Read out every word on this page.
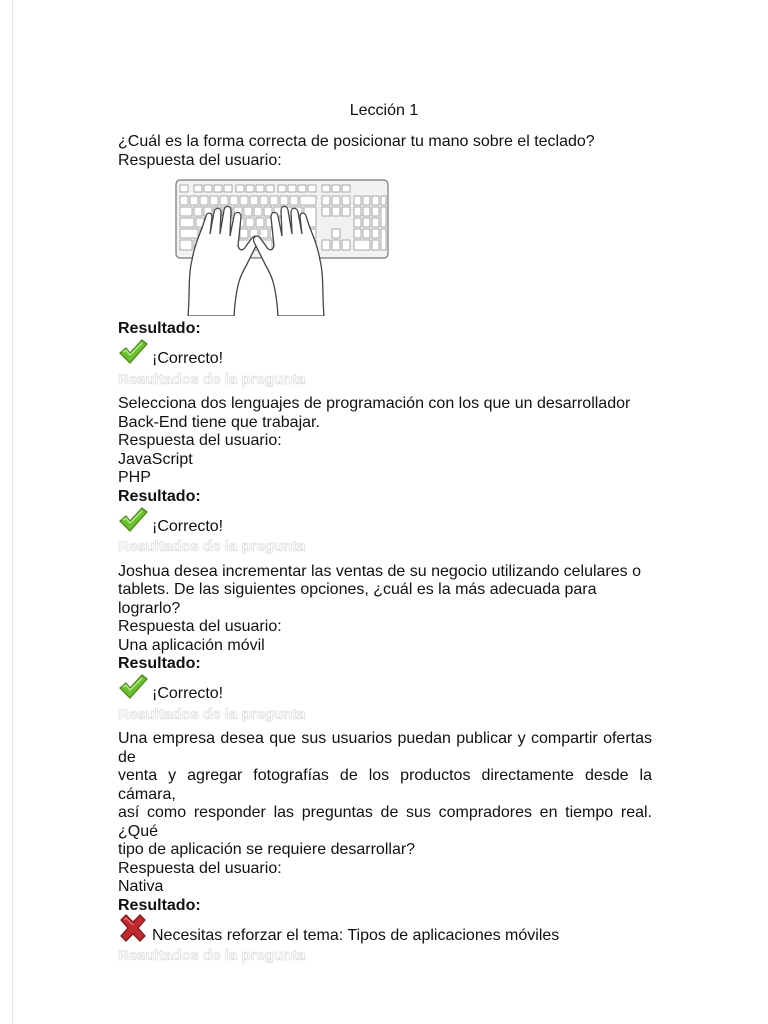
Lección 1

¿Cuál es la forma correcta de posicionar tu mano sobre el teclado?

Respuesta del usuario:

Resultado:

¡Correcto!

Resultados de la pregunta

Selecciona dos lenguajes de programación con los que un desarrollador

Back-End tiene que trabajar.

Respuesta del usuario:

JavaScript

PHP

Resultado:

¡Correcto!

Resultados de la pregunta

Joshua desea incrementar las ventas de su negocio utilizando celulares o

tablets. De las siguientes opciones, ¿cuál es la más adecuada para lograrlo?

Respuesta del usuario:

Una aplicación móvil

Resultado:

¡Correcto!

Resultados de la pregunta

Una empresa desea que sus usuarios puedan publicar y compartir ofertas de

venta y agregar fotografías de los productos directamente desde la cámara,

así como responder las preguntas de sus compradores en tiempo real. ¿Qué

tipo de aplicación se requiere desarrollar?

Respuesta del usuario:

Nativa

Resultado:

Necesitas reforzar el tema: Tipos de aplicaciones móviles

Resultados de la pregunta
